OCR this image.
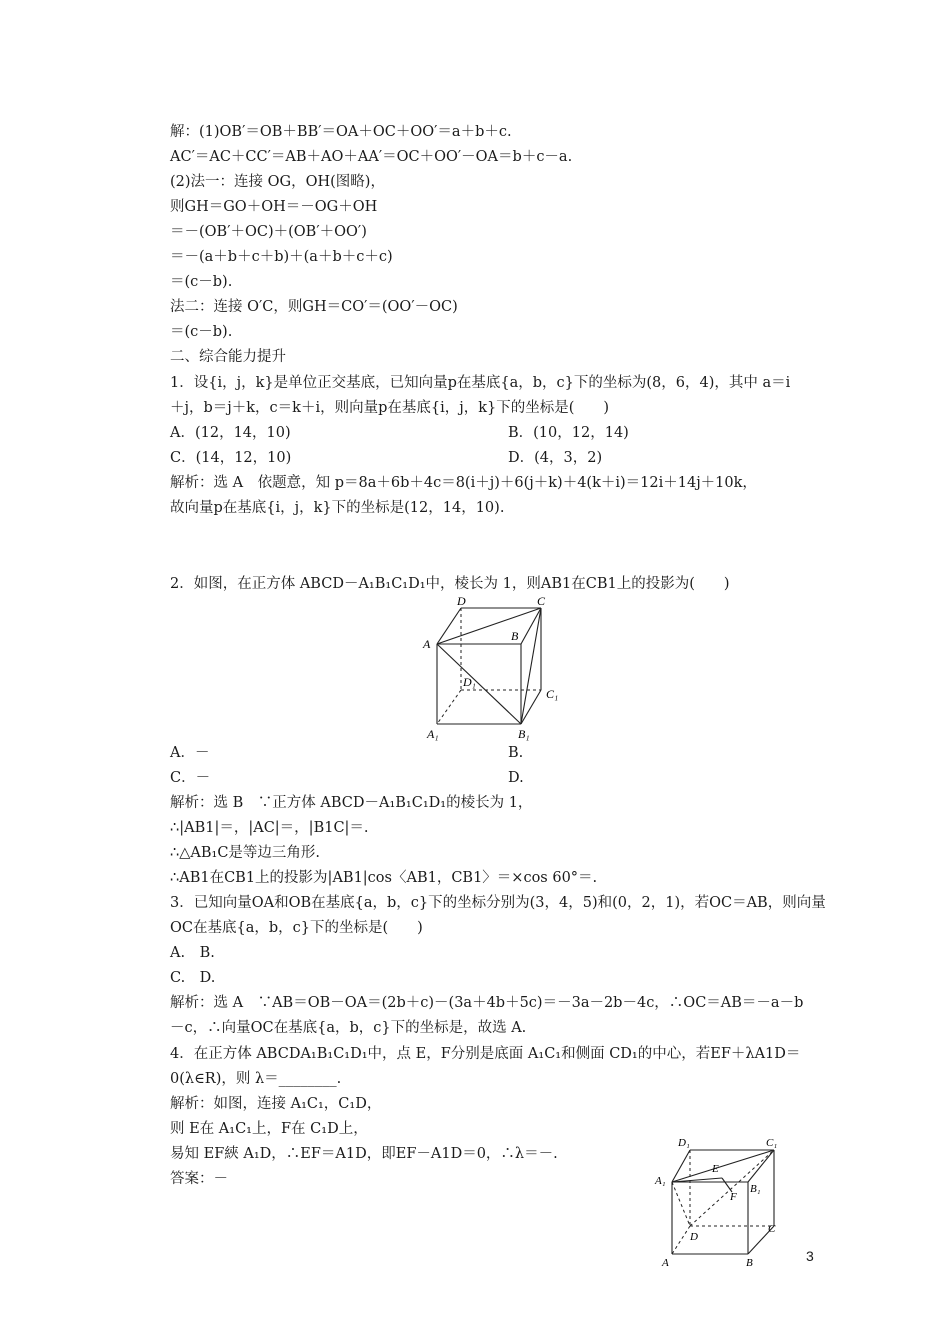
解：(1)OB′＝OB＋BB′＝OA＋OC＋OO′＝a＋b＋c.
AC′＝AC＋CC′＝AB＋AO＋AA′＝OC＋OO′－OA＝b＋c－a.
(2)法一：连接 OG，OH(图略)，
则GH＝GO＋OH＝－OG＋OH
＝－(OB′＋OC)＋(OB′＋OO′)
＝－(a＋b＋c＋b)＋(a＋b＋c＋c)
＝(c－b).
法二：连接 O′C，则GH＝CO′＝(OO′－OC)
＝(c－b).
二、综合能力提升
1．设{i，j，k}是单位正交基底，已知向量p在基底{a，b，c}下的坐标为(8，6，4)，其中 a＝i
＋j，b＝j＋k，c＝k＋i，则向量p在基底{i，j，k}下的坐标是(　　)
A．(12，14，10)	B．(10，12，14)
C．(14，12，10)	D．(4，3，2)
解析：选 A　依题意，知 p＝8a＋6b＋4c＝8(i＋j)＋6(j＋k)＋4(k＋i)＝12i＋14j＋10k，
故向量p在基底{i，j，k}下的坐标是(12，14，10).
2．如图，在正方体 ABCD－A₁B₁C₁D₁中，棱长为 1，则AB1在CB1上的投影为(　　)
D	C
B
A
D₁
C₁
A₁	B₁
A．－	B.
C．－	D.
解析：选 B　∵正方体 ABCD－A₁B₁C₁D₁的棱长为 1，
∴|AB1|＝，|AC|＝，|B1C|＝.
∴△AB₁C是等边三角形.
∴AB1在CB1上的投影为|AB1|cos〈AB1，CB1〉＝×cos 60°＝.
3．已知向量OA和OB在基底{a，b，c}下的坐标分别为(3，4，5)和(0，2，1)，若OC＝AB，则向量
OC在基底{a，b，c}下的坐标是(　　)
A.　B.
C.　D.
解析：选 A　∵AB＝OB－OA＝(2b＋c)－(3a＋4b＋5c)＝－3a－2b－4c，∴OC＝AB＝－a－b
－c，∴向量OC在基底{a，b，c}下的坐标是，故选 A.
4．在正方体 ABCDA₁B₁C₁D₁中，点 E，F分别是底面 A₁C₁和侧面 CD₁的中心，若EF＋λA1D＝
0(λ∈R)，则 λ＝________.
解析：如图，连接 A₁C₁，C₁D，
则 E在 A₁C₁上，F在 C₁D上，
易知 EF綊 A₁D，∴EF＝A1D，即EF－A1D＝0，∴λ＝－.
答案：－
D₁	C₁
E
A₁
F
B₁
D
C
A	B	3
